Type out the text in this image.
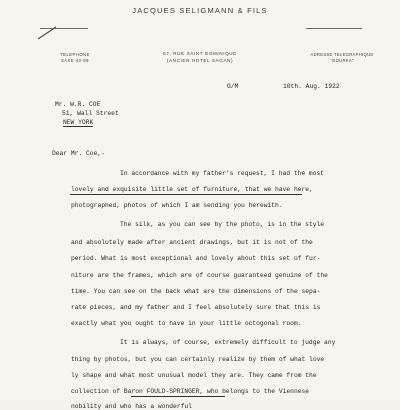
JACQUES SELIGMANN & FILS
57, RUE SAINT DOMINIQUE
(ANCIEN HOTEL SAGAN)
TELEPHONE
SAXE 40-59
ADRESSE TELEGRAPHIQUE
"GOURKA"
G/M	10th. Aug. 1922
Mr. W.R. COE
51, Wall Street
NEW YORK
Dear Mr. Coe,-
In accordance with my father's request, I had the most
lovely and exquisite little set of furniture, that we have here,
photographed, photos of which I am sending you herewith.
The silk, as you can see by the photo, is in the style
and absolutely made after ancient drawings, but it is not of the
period. What is most exceptional and lovely about this set of fur-
niture are the frames, which are of course guaranteed genuine of the
time. You can see on the back what are the dimensions of the sepa-
rate pieces, and my father and I feel absolutely sure that this is
exactly what you ought to have in your little octogonal room.
It is always, of course, extremely difficult to judge any
thing by photos, but you can certainly realize by them of what love
ly shape and what most unusual model they are. They came from the
collection of Baron FOULD-SPRINGER, who belongs to the Viennese
nobility and who has a wonderful
